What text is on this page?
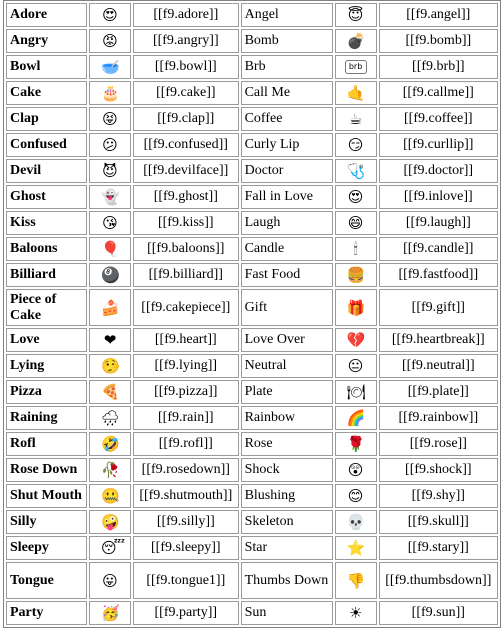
Adore	😍	[[f9.adore]]	Angel	😇	[[f9.angel]]
Angry	😡	[[f9.angry]]	Bomb	💣	[[f9.bomb]]
Bowl	🥣	[[f9.bowl]]	Brb	brb	[[f9.brb]]
Cake	🎂	[[f9.cake]]	Call Me	🤙	[[f9.callme]]
Clap	😝	[[f9.clap]]	Coffee	☕	[[f9.coffee]]
Confused	😕	[[f9.confused]]	Curly Lip	😏	[[f9.curllip]]
Devil	😈	[[f9.devilface]]	Doctor	🩺	[[f9.doctor]]
Ghost	👻	[[f9.ghost]]	Fall in Love	😍	[[f9.inlove]]
Kiss	😘	[[f9.kiss]]	Laugh	😄	[[f9.laugh]]
Baloons	🎈	[[f9.baloons]]	Candle	🕯	[[f9.candle]]
Billiard	🎱	[[f9.billiard]]	Fast Food	🍔	[[f9.fastfood]]
Piece of Cake	🍰	[[f9.cakepiece]]	Gift	🎁	[[f9.gift]]
Love	❤	[[f9.heart]]	Love Over	💔	[[f9.heartbreak]]
Lying	🤥	[[f9.lying]]	Neutral	😐	[[f9.neutral]]
Pizza	🍕	[[f9.pizza]]	Plate	🍽	[[f9.plate]]
Raining	🌧	[[f9.rain]]	Rainbow	🌈	[[f9.rainbow]]
Rofl	🤣	[[f9.rofl]]	Rose	🌹	[[f9.rose]]
Rose Down	🥀	[[f9.rosedown]]	Shock	😲	[[f9.shock]]
Shut Mouth	🤐	[[f9.shutmouth]]	Blushing	😊	[[f9.shy]]
Silly	🤪	[[f9.silly]]	Skeleton	💀	[[f9.skull]]
Sleepy	😴	[[f9.sleepy]]	Star	⭐	[[f9.stary]]
Tongue	😛	[[f9.tongue1]]	Thumbs Down	👎	[[f9.thumbsdown]]
Party	🥳	[[f9.party]]	Sun	☀	[[f9.sun]]
